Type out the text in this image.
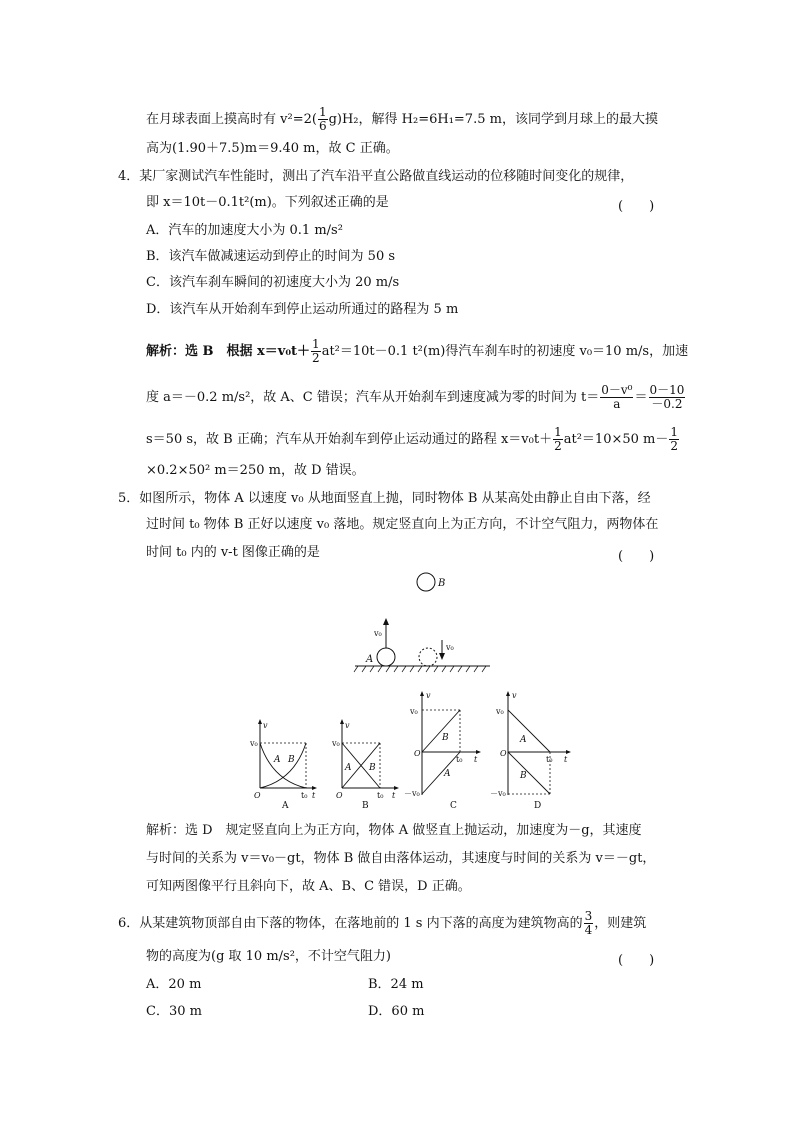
在月球表面上摸高时有 $v^2=2( \frac{1}{6} g)H_2$，解得 H₂=6H₁=7.5 m，该同学到月球上的最大摸
高为(1.90＋7.5)m＝9.40 m，故 C 正确。
4．某厂家测试汽车性能时，测出了汽车沿平直公路做直线运动的位移随时间变化的规律，
即 x＝10t－0.1t²(m)。下列叙述正确的是	(　　)
A．汽车的加速度大小为 0.1 m/s²
B．该汽车做减速运动到停止的时间为 50 s
C．该汽车刹车瞬间的初速度大小为 20 m/s
D．该汽车从开始刹车到停止运动所通过的路程为 5 m
解析：选 B　根据 $x=v_0t+ \frac{1}{2} at^2=10t-0.1$ t²(m)得汽车刹车时的初速度 v₀＝10 m/s，加速
度 a＝－0.2 m/s²，故 A、C 错误；汽车从开始刹车到速度减为零的时间为 $t= \frac{\text{0－v⁰}}{a} = \frac{0-10}{-0.2}$
s＝50 s，故 B 正确；汽车从开始刹车到停止运动通过的路程 $x=v_0t+ \frac{1}{2} at^2=10\times 50$ $m- \frac{1}{2}$
×0.2×50² m＝250 m，故 D 错误。
5．如图所示，物体 A 以速度 v₀ 从地面竖直上抛，同时物体 B 从某高处由静止自由下落，经
过时间 t₀ 物体 B 正好以速度 v₀ 落地。规定竖直向上为正方向，不计空气阻力，两物体在
时间 t₀ 内的 v-t 图像正确的是	(　　)
B
A
v₀
v₀
v
v₀
O	t₀ t
A B
A
v
v₀
O	t₀ t
A B
B
v
v₀
O
t₀ t
－v₀
B
A
C
v
v₀
O
t₀ t
－v₀
A
B
D
解析：选 D　规定竖直向上为正方向，物体 A 做竖直上抛运动，加速度为－g，其速度
与时间的关系为 v＝v₀－gt，物体 B 做自由落体运动，其速度与时间的关系为 v＝－gt，
可知两图像平行且斜向下，故 A、B、C 错误，D 正确。
6．从某建筑物顶部自由下落的物体，在落地前的 1 s 内下落的高度为建筑物高的 $\frac{3}{4}$ ，则建筑
物的高度为(g 取 10 m/s²，不计空气阻力)	(　　)
A．20 m	B．24 m
C．30 m	D．60 m
